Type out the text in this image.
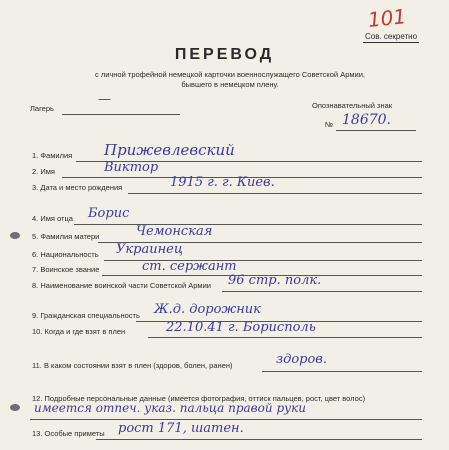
101
Сов. секретно
ПЕРЕВОД
с личной трофейной немецкой карточки военнослужащего Советской Армии,
бывшего в немецком плену.
Лагерь
—	Опознавательный знак
№ 18670.
1. Фамилия Прижевлевский
2. Имя	Виктор
3. Дата и место рождения	1915 г. г. Киев.
4. Имя отца Борис
5. Фамилия матери	Чемонская
6. Национальность Украинец
7. Воинское звание	ст. сержант
8. Наименование воинской части Советской Армии 96 стр. полк.
9. Гражданская специальность Ж.д. дорожник
10. Когда и где взят в плен	22.10.41 г. Борисполь
11. В каком состоянии взят в плен (здоров, болен, ранен)	здоров.
12. Подробные персональные данные (имеется фотография, оттиск пальцев, рост, цвет волос)
имеется отпеч. указ. пальца правой руки
13. Особые приметы рост 171, шатен.
